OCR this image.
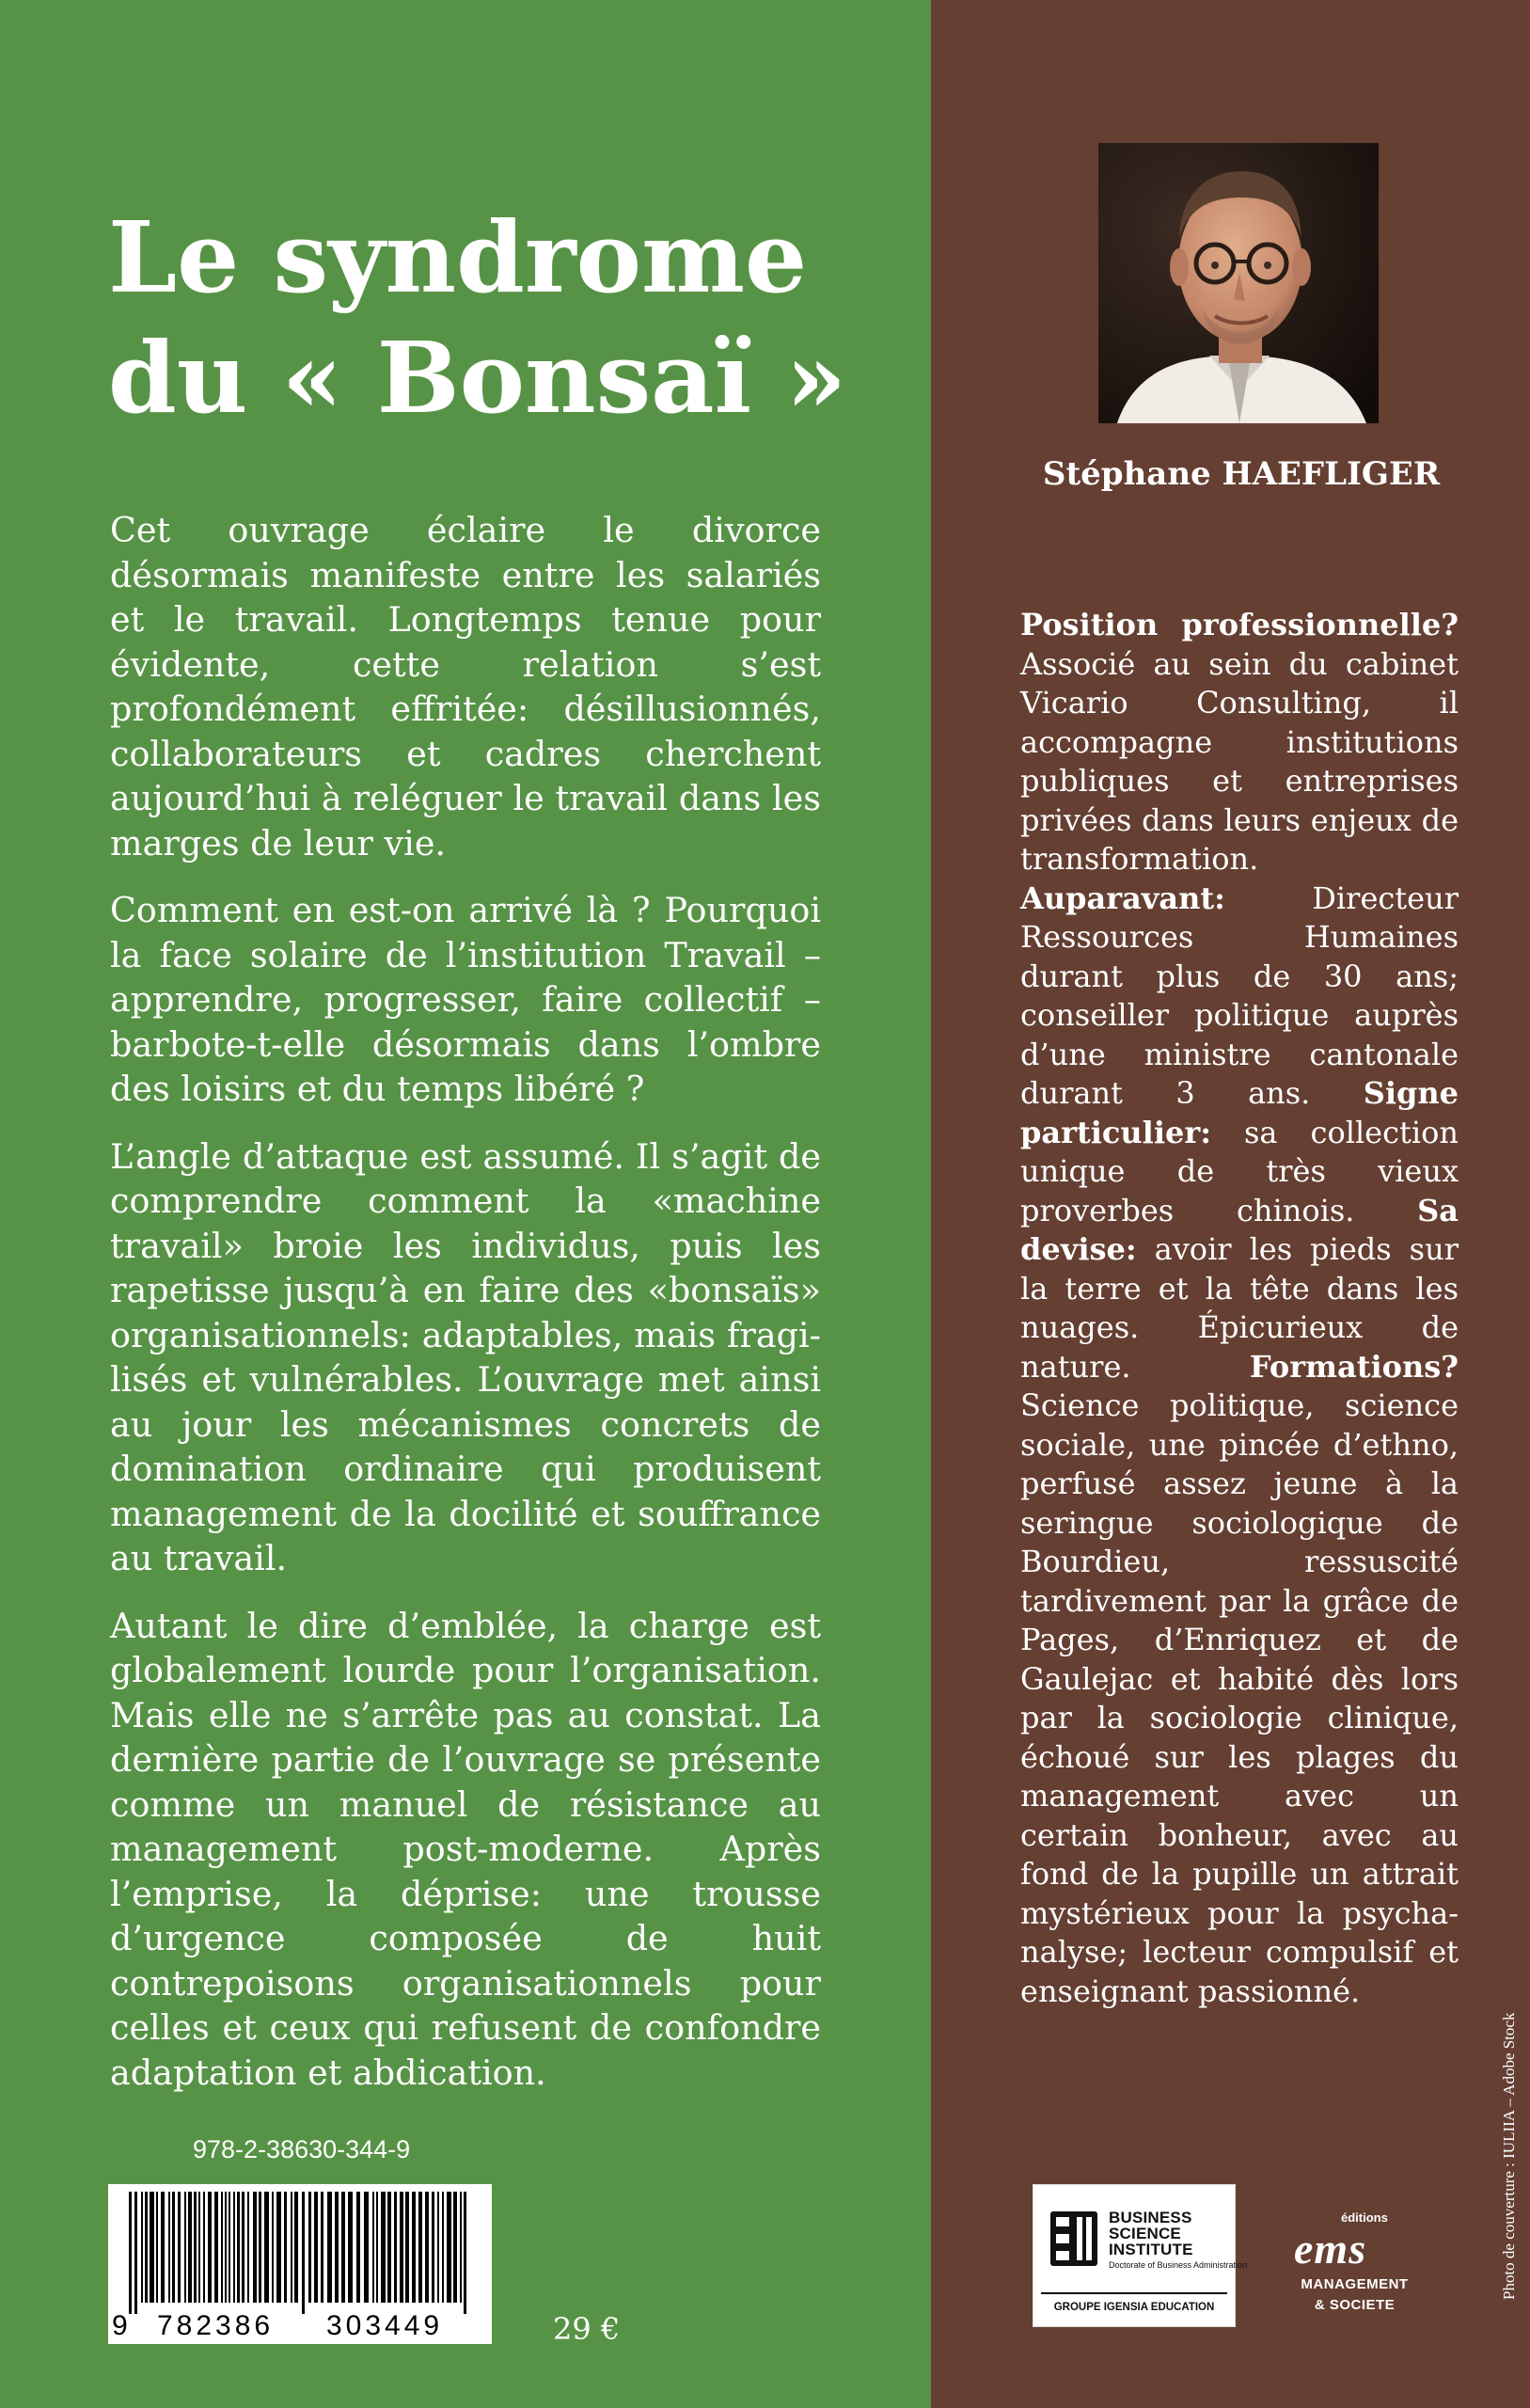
Le syndrome
du « Bonsaï »

Cet ouvrage éclaire le divorce désormais manifeste entre les salariés et le travail. Longtemps tenue pour évidente, cette relation s’est profondément effritée: désillusionnés, collaborateurs et cadres cherchent aujourd’hui à reléguer le travail dans les marges de leur vie.

Comment en est-on arrivé là ? Pourquoi la face solaire de l’institution Travail – apprendre, progresser, faire collectif – barbote-t-elle désormais dans l’ombre des loisirs et du temps libéré ?

L’angle d’attaque est assumé. Il s’agit de comprendre comment la «machine travail» broie les individus, puis les rapetisse jusqu’à en faire des «bonsaïs» organisationnels: adaptables, mais fragilisés et vulnérables. L’ouvrage met ainsi au jour les mécanismes concrets de domination ordinaire qui produisent management de la docilité et souffrance au travail.

Autant le dire d’emblée, la charge est globalement lourde pour l’organisation. Mais elle ne s’arrête pas au constat. La dernière partie de l’ouvrage se présente comme un manuel de résistance au management post-moderne. Après l’emprise, la déprise: une trousse d’urgence composée de huit contrepoisons organisationnels pour celles et ceux qui refusent de confondre adaptation et abdication.

978-2-38630-344-9
9 782386 303449	29 €
Stéphane HAEFLIGER

Position professionnelle? Associé au sein du cabinet Vicario Consulting, il accompagne institutions publiques et entreprises privées dans leurs enjeux de transformation. Auparavant: Directeur Ressources Humaines durant plus de 30 ans; conseiller politique auprès d’une ministre cantonale durant 3 ans. Signe particulier: sa collection unique de très vieux proverbes chinois. Sa devise: avoir les pieds sur la terre et la tête dans les nuages. Épicurieux de nature. Formations? Science politique, science sociale, une pincée d’ethno, perfusé assez jeune à la seringue sociologique de Bourdieu, ressuscité tardivement par la grâce de Pages, d’Enriquez et de Gaulejac et habité dès lors par la sociologie clinique, échoué sur les plages du management avec un certain bonheur, avec au fond de la pupille un attrait mystérieux pour la psychanalyse; lecteur compulsif et enseignant passionné.

Photo de couverture : IULIIA – Adobe Stock
BUSINESS
SCIENCE
INSTITUTE
Doctorate of Business Administration
GROUPE IGENSIA EDUCATION
éditions
ems
MANAGEMENT
& SOCIETE
